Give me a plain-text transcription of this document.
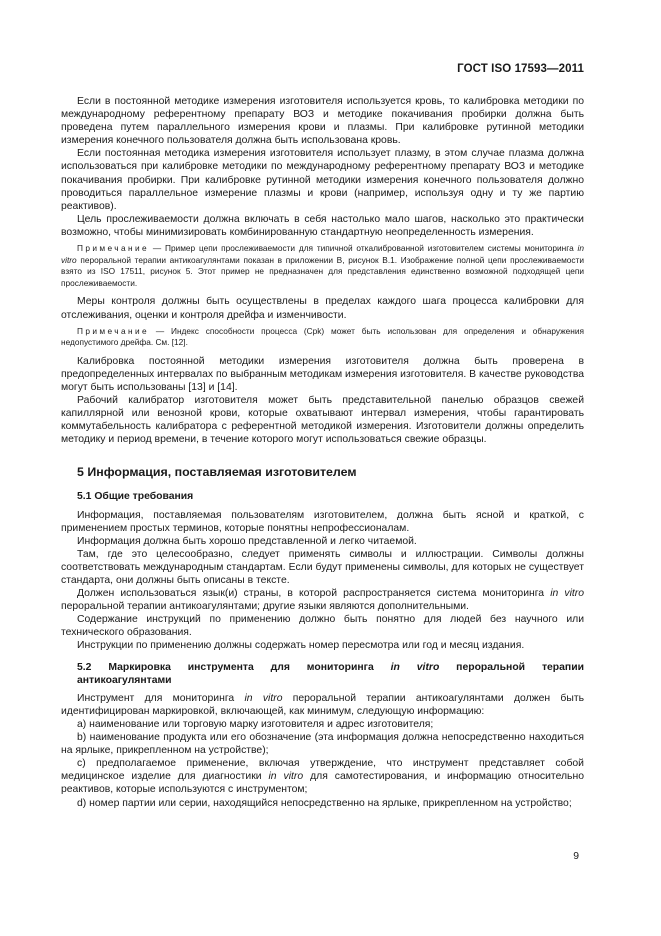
ГОСТ ISO 17593—2011

Если в постоянной методике измерения изготовителя используется кровь, то калибровка методики по международному референтному препарату ВОЗ и методике покачивания пробирки должна быть проведена путем параллельного измерения крови и плазмы. При калибровке рутинной методики измерения конечного пользователя должна быть использована кровь.

Если постоянная методика измерения изготовителя использует плазму, в этом случае плазма должна использоваться при калибровке методики по международному референтному препарату ВОЗ и методике покачивания пробирки. При калибровке рутинной методики измерения конечного пользователя должно проводиться параллельное измерение плазмы и крови (например, используя одну и ту же партию реактивов).

Цель прослеживаемости должна включать в себя настолько мало шагов, насколько это практически возможно, чтобы минимизировать комбинированную стандартную неопределенность измерения.

Примечание — Пример цепи прослеживаемости для типичной откалиброванной изготовителем системы мониторинга in vitro пероральной терапии антикоагулянтами показан в приложении В, рисунок В.1. Изображение полной цепи прослеживаемости взято из ISO 17511, рисунок 5. Этот пример не предназначен для представления единственно возможной подходящей цепи прослеживаемости.

Меры контроля должны быть осуществлены в пределах каждого шага процесса калибровки для отслеживания, оценки и контроля дрейфа и изменчивости.

Примечание — Индекс способности процесса (Cpk) может быть использован для определения и обнаружения недопустимого дрейфа. См. [12].

Калибровка постоянной методики измерения изготовителя должна быть проверена в предопределенных интервалах по выбранным методикам измерения изготовителя. В качестве руководства могут быть использованы [13] и [14].

Рабочий калибратор изготовителя может быть представительной панелью образцов свежей капиллярной или венозной крови, которые охватывают интервал измерения, чтобы гарантировать коммутабельность калибратора с референтной методикой измерения. Изготовители должны определить методику и период времени, в течение которого могут использоваться свежие образцы.

5 Информация, поставляемая изготовителем
5.1 Общие требования

Информация, поставляемая пользователям изготовителем, должна быть ясной и краткой, с применением простых терминов, которые понятны непрофессионалам.

Информация должна быть хорошо представленной и легко читаемой.

Там, где это целесообразно, следует применять символы и иллюстрации. Символы должны соответствовать международным стандартам. Если будут применены символы, для которых не существует стандарта, они должны быть описаны в тексте.

Должен использоваться язык(и) страны, в которой распространяется система мониторинга in vitro пероральной терапии антикоагулянтами; другие языки являются дополнительными.

Содержание инструкций по применению должно быть понятно для людей без научного или технического образования.

Инструкции по применению должны содержать номер пересмотра или год и месяц издания.

5.2 Маркировка инструмента для мониторинга in vitro пероральной терапии
антикоагулянтами

Инструмент для мониторинга in vitro пероральной терапии антикоагулянтами должен быть идентифицирован маркировкой, включающей, как минимум, следующую информацию:

а) наименование или торговую марку изготовителя и адрес изготовителя;

b) наименование продукта или его обозначение (эта информация должна непосредственно находиться на ярлыке, прикрепленном на устройстве);

с) предполагаемое применение, включая утверждение, что инструмент представляет собой медицинское изделие для диагностики in vitro для самотестирования, и информацию относительно реактивов, которые используются с инструментом;

d) номер партии или серии, находящийся непосредственно на ярлыке, прикрепленном на устройство;

9
